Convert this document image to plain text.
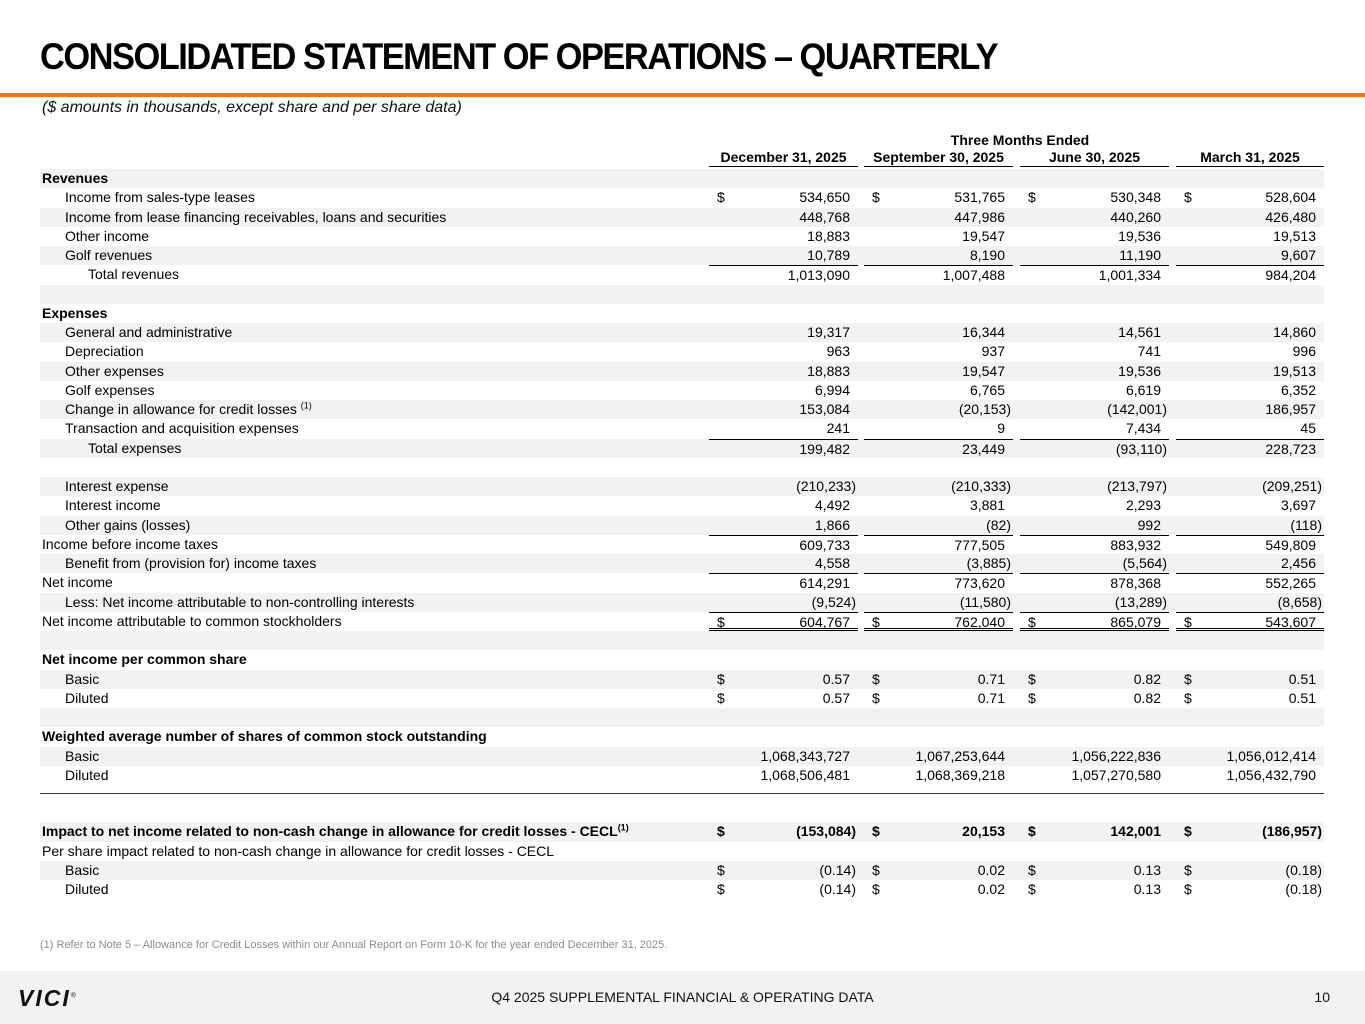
CONSOLIDATED STATEMENT OF OPERATIONS – QUARTERLY
($ amounts in thousands, except share and per share data)
Three Months Ended
December 31, 2025	September 30, 2025	June 30, 2025	March 31, 2025
Revenues
Income from sales-type leases	$	534,650 $	531,765 $	530,348 $	528,604
Income from lease financing receivables, loans and securities	448,768	447,986	440,260	426,480
Other income	18,883	19,547	19,536	19,513
Golf revenues	10,789	8,190	11,190	9,607
Total revenues	1,013,090	1,007,488	1,001,334	984,204
Expenses
General and administrative	19,317	16,344	14,561	14,860
Depreciation	963	937	741	996
Other expenses	18,883	19,547	19,536	19,513
Golf expenses	6,994	6,765	6,619	6,352
Change in allowance for credit losses $^{(1)}$	153,084	(20,153)	(142,001)	186,957
Transaction and acquisition expenses	241	9	7,434	45
Total expenses	199,482	23,449	(93,110)	228,723
Interest expense	(210,233)	(210,333)	(213,797)	(209,251)
Interest income	4,492	3,881	2,293	3,697
Other gains (losses)	1,866	(82)	992	(118)
Income before income taxes	609,733	777,505	883,932	549,809
Benefit from (provision for) income taxes	4,558	(3,885)	(5,564)	2,456
Net income	614,291	773,620	878,368	552,265
Less: Net income attributable to non-controlling interests	(9,524)	(11,580)	(13,289)	(8,658)
Net income attributable to common stockholders	$	604,767 $	762,040 $	865,079 $	543,607
Net income per common share
Basic	$	0.57 $	0.71 $	0.82 $	0.51
Diluted	$	0.57 $	0.71 $	0.82 $	0.51
Weighted average number of shares of common stock outstanding
Basic	1,068,343,727	1,067,253,644	1,056,222,836	1,056,012,414
Diluted	1,068,506,481	1,068,369,218	1,057,270,580	1,056,432,790
Impact to net income related to non-cash change in allowance for credit losses - CECL$^{(1)}$	$	(153,084) $	20,153 $	142,001 $	(186,957)
Per share impact related to non-cash change in allowance for credit losses - CECL
Basic	$	(0.14) $	0.02 $	0.13 $	(0.18)
Diluted	$	(0.14) $	0.02 $	0.13 $	(0.18)
(1) Refer to Note 5 – Allowance for Credit Losses within our Annual Report on Form 10-K for the year ended December 31, 2025.
VICI®	Q4 2025 SUPPLEMENTAL FINANCIAL & OPERATING DATA	10
